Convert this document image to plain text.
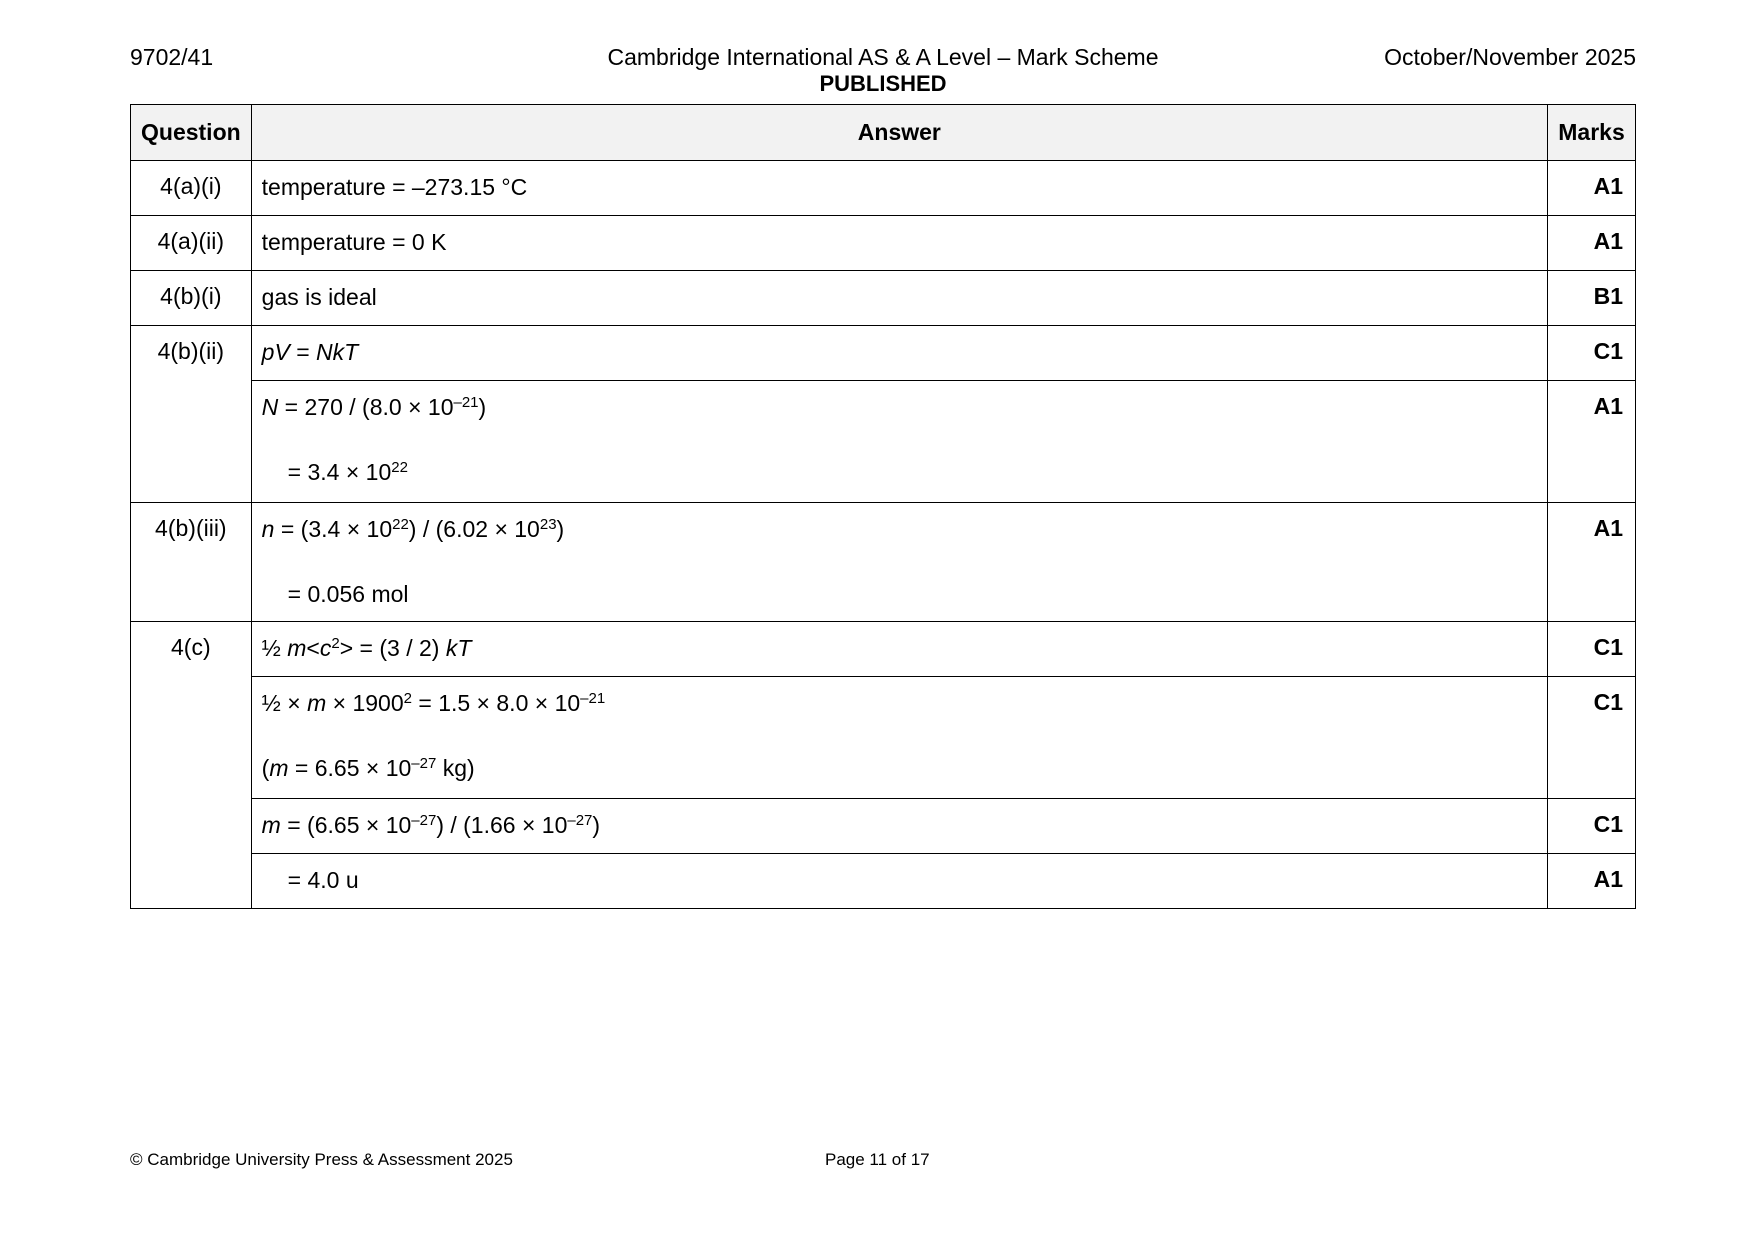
9702/41	Cambridge International AS & A Level – Mark Scheme	October/November 2025
PUBLISHED
Question	Answer	Marks
4(a)(i)	temperature = –273.15 °C	A1
4(a)(ii)	temperature = 0 K	A1
4(b)(i)	gas is ideal	B1
4(b)(ii)	pV = NkT	C1

	$N = 270 / (8.0 \times 10^{-21})$
= $3.4 \times 10^{22}$	A1
4(b)(iii)	$n = (3.4 \times 10^{22}) / (6.02 \times 10^{23})$
= 0.056 mol	A1
4(c)	½ $m<c^2> = (3 / 2)$ kT	C1

	½ × $m \times 1900^2 = 1.5 \times 8.0 \times 10^{-21}$
($m = 6.65 \times 10^{-27}$ kg)	C1
	$m = (6.65 \times 10^{-27}) / (1.66 \times 10^{-27})$	C1
	= 4.0 u	A1
© Cambridge University Press & Assessment 2025	Page 11 of 17
